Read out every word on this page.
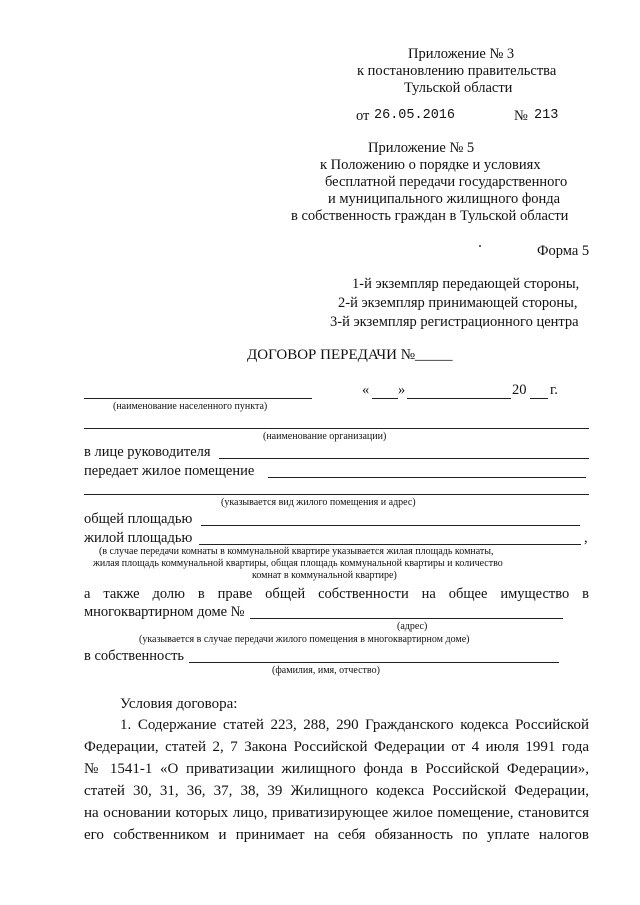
Приложение № 3
к постановлению правительства
Тульской области
от 26.05.2016	№ 213
Приложение № 5
к Положению о порядке и условиях
бесплатной передачи государственного
и муниципального жилищного фонда
в собственность граждан в Тульской области
Форма 5
1-й экземпляр передающей стороны,
2-й экземпляр принимающей стороны,
3-й экземпляр регистрационного центра
ДОГОВОР ПЕРЕДАЧИ №_____
« »	20 г.
(наименование населенного пункта)
(наименование организации)
в лице руководителя
передает жилое помещение
(указывается вид жилого помещения и адрес)
общей площадью
жилой площадью	,
(в случае передачи комнаты в коммунальной квартире указывается жилая площадь комнаты,
жилая площадь коммунальной квартиры, общая площадь коммунальной квартиры и количество
комнат в коммунальной квартире)
а также долю в праве общей собственности на общее имущество в
многоквартирном доме №
(адрес)
(указывается в случае передачи жилого помещения в многоквартирном доме)
в собственность
(фамилия, имя, отчество)
Условия договора:
1. Содержание статей 223, 288, 290 Гражданского кодекса Российской
Федерации, статей 2, 7 Закона Российской Федерации от 4 июля 1991 года
№ 1541-1 «О приватизации жилищного фонда в Российской Федерации»,
статей 30, 31, 36, 37, 38, 39 Жилищного кодекса Российской Федерации,
на основании которых лицо, приватизирующее жилое помещение, становится
его собственником и принимает на себя обязанность по уплате налогов
